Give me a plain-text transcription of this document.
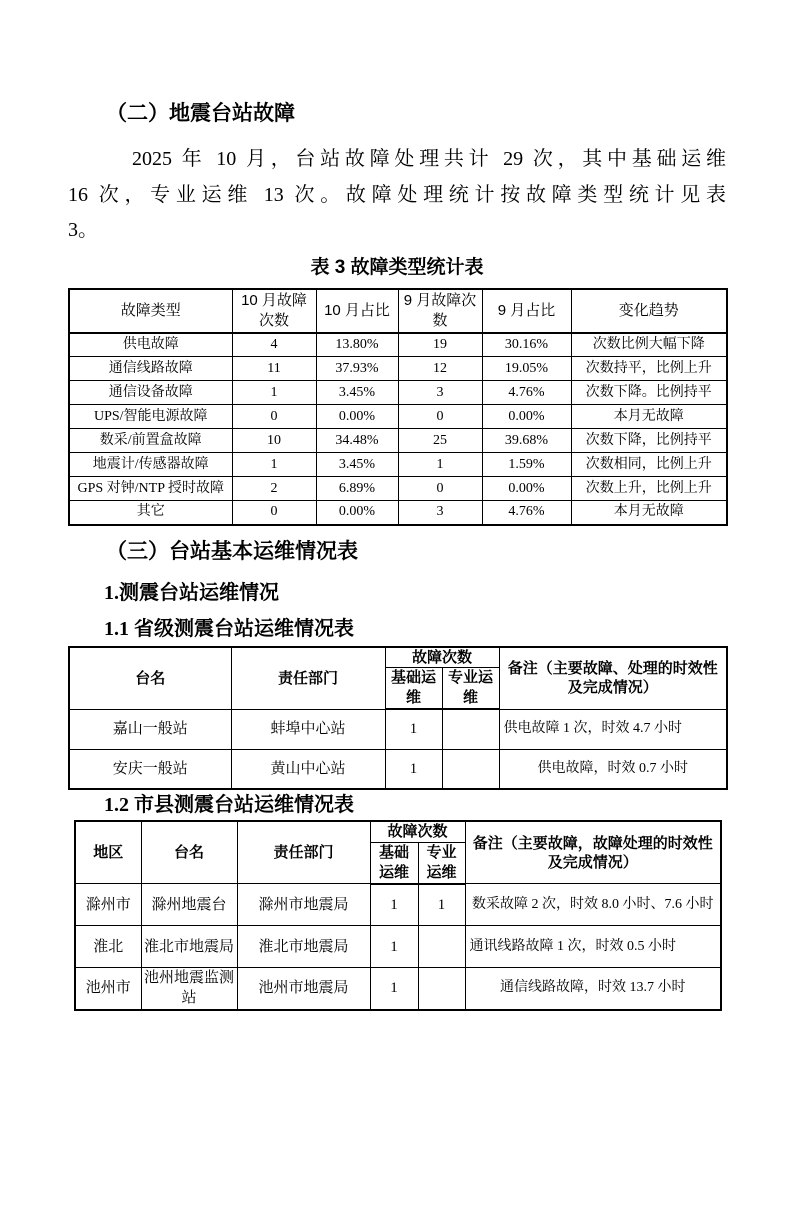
（二）地震台站故障
2025 年 10 月，台站故障处理共计 29 次，其中基础运维
16 次，专业运维 13 次。故障处理统计按故障类型统计见表
3。
表 3 故障类型统计表
故障类型	10 月故障次数	10 月占比	9 月故障次数	9 月占比	变化趋势
供电故障	4	13.80%	19	30.16%	次数比例大幅下降
通信线路故障	11	37.93%	12	19.05%	次数持平，比例上升
通信设备故障	1	3.45%	3	4.76%	次数下降。比例持平
UPS/智能电源故障	0	0.00%	0	0.00%	本月无故障
数采/前置盒故障	10	34.48%	25	39.68%	次数下降，比例持平
地震计/传感器故障	1	3.45%	1	1.59%	次数相同，比例上升
GPS 对钟/NTP 授时故障	2	6.89%	0	0.00%	次数上升，比例上升
其它	0	0.00%	3	4.76%	本月无故障
（三）台站基本运维情况表
1.测震台站运维情况
1.1 省级测震台站运维情况表
台名	责任部门	故障次数		备注（主要故障、处理的时效性及完成情况）
		基础运维	专业运维	
嘉山一般站	蚌埠中心站	1		供电故障 1 次，时效 4.7 小时
安庆一般站	黄山中心站	1		供电故障，时效 0.7 小时
1.2 市县测震台站运维情况表
地区	台名	责任部门	故障次数		备注（主要故障，故障处理的时效性及完成情况）
			基础运维	专业运维	
滁州市	滁州地震台	滁州市地震局	1	1	数采故障 2 次，时效 8.0 小时、7.6 小时
淮北	淮北市地震局	淮北市地震局	1		通讯线路故障 1 次，时效 0.5 小时
池州市	池州地震监测站	池州市地震局	1		通信线路故障，时效 13.7 小时
